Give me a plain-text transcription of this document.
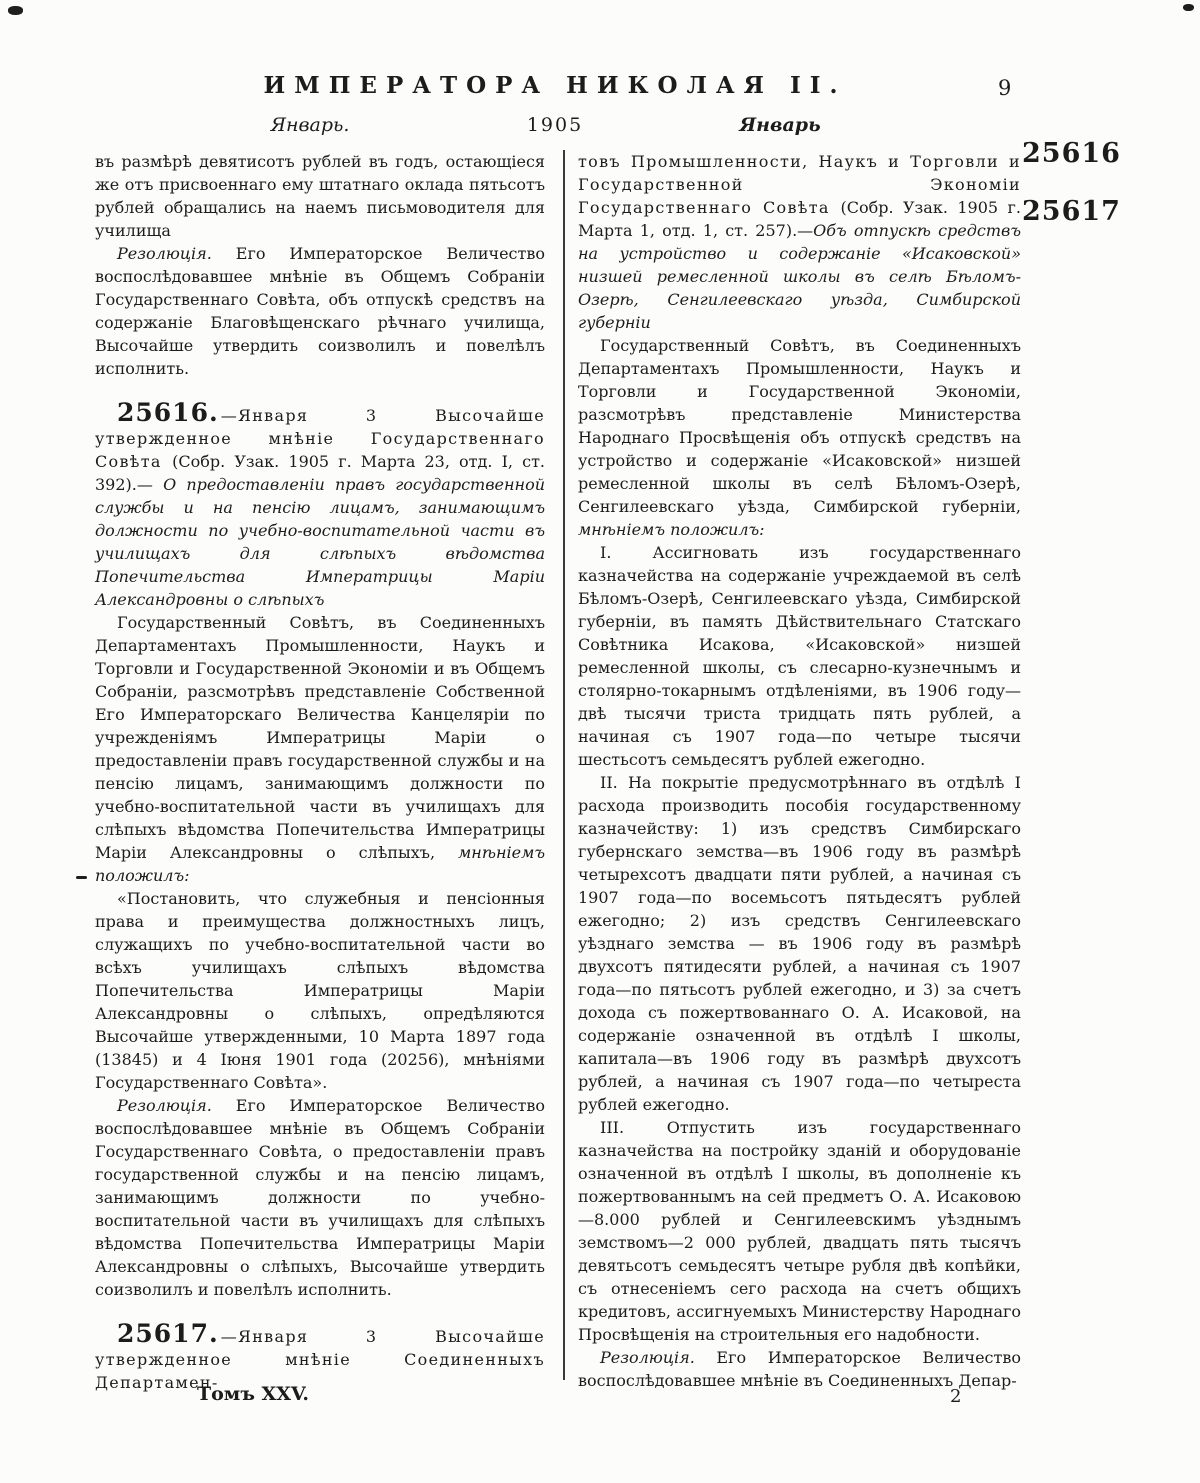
ИМПЕРАТОРА НИКОЛАЯ II.	9
Январь.	1905	Январь
25616
25617

въ размѣрѣ девятисотъ рублей въ годъ, остающіеся же отъ присвоеннаго ему штатнаго оклада пятьсотъ рублей обращались на наемъ письмоводителя для училища

Резолюція. Его Императорское Величество воспослѣдовавшее мнѣніе въ Общемъ Собраніи Государственнаго Совѣта, объ отпускѣ средствъ на содержаніе Благовѣщенскаго рѣчнаго училища, Высочайше утвердить соизволилъ и повелѣлъ исполнить.

25616. —Января 3 Высочайше утвержденное мнѣніе Государственнаго Совѣта (Собр. Узак. 1905 г. Марта 23, отд. I, ст. 392).— О предоставленіи правъ государственной службы и на пенсію лицамъ, занимающимъ должности по учебно-воспитательной части въ училищахъ для слѣпыхъ вѣдомства Попечительства Императрицы Маріи Александровны о слѣпыхъ

Государственный Совѣтъ, въ Соединенныхъ Департаментахъ Промышленности, Наукъ и Торговли и Государственной Экономіи и въ Общемъ Собраніи, разсмотрѣвъ представленіе Собственной Его Императорскаго Величества Канцеляріи по учрежденіямъ Императрицы Маріи о предоставленіи правъ государственной службы и на пенсію лицамъ, занимающимъ должности по учебно-воспитательной части въ училищахъ для слѣпыхъ вѣдомства Попечительства Императрицы Маріи Александровны о слѣпыхъ, мнѣніемъ положилъ:

«Постановить, что служебныя и пенсіонныя права и преимущества должностныхъ лицъ, служащихъ по учебно-воспитательной части во всѣхъ училищахъ слѣпыхъ вѣдомства Попечительства Императрицы Маріи Александровны о слѣпыхъ, опредѣляются Высочайше утвержденными, 10 Марта 1897 года (13845) и 4 Іюня 1901 года (20256), мнѣніями Государственнаго Совѣта».

Резолюція. Его Императорское Величество воспослѣдовавшее мнѣніе въ Общемъ Собраніи Государственнаго Совѣта, о предоставленіи правъ государственной службы и на пенсію лицамъ, занимающимъ должности по учебно-воспитательной части въ училищахъ для слѣпыхъ вѣдомства Попечительства Императрицы Маріи Александровны о слѣпыхъ, Высочайше утвердить соизволилъ и повелѣлъ исполнить.

25617. —Января 3 Высочайше утвержденное мнѣніе Соединенныхъ Департамен-

товъ Промышленности, Наукъ и Торговли и Государственной Экономіи Государственнаго Совѣта (Собр. Узак. 1905 г. Марта 1, отд. 1, ст. 257).—Объ отпускѣ средствъ на устройство и содержаніе «Исаковской» низшей ремесленной школы въ селѣ Бѣломъ-Озерѣ, Сенгилеевскаго уѣзда, Симбирской губерніи

Государственный Совѣтъ, въ Соединенныхъ Департаментахъ Промышленности, Наукъ и Торговли и Государственной Экономіи, разсмотрѣвъ представленіе Министерства Народнаго Просвѣщенія объ отпускѣ средствъ на устройство и содержаніе «Исаковской» низшей ремесленной школы въ селѣ Бѣломъ-Озерѣ, Сенгилеевскаго уѣзда, Симбирской губерніи, мнѣніемъ положилъ:

I. Ассигновать изъ государственнаго казначейства на содержаніе учреждаемой въ селѣ Бѣломъ-Озерѣ, Сенгилеевскаго уѣзда, Симбирской губерніи, въ память Дѣйствительнаго Статскаго Совѣтника Исакова, «Исаковской» низшей ремесленной школы, съ слесарно-кузнечнымъ и столярно-токарнымъ отдѣленіями, въ 1906 году—двѣ тысячи триста тридцать пять рублей, а начиная съ 1907 года—по четыре тысячи шестьсотъ семьдесятъ рублей ежегодно.

II. На покрытіе предусмотрѣннаго въ отдѣлѣ I расхода производить пособія государственному казначейству: 1) изъ средствъ Симбирскаго губернскаго земства—въ 1906 году въ размѣрѣ четырехсотъ двадцати пяти рублей, а начиная съ 1907 года—по восемьсотъ пятьдесятъ рублей ежегодно; 2) изъ средствъ Сенгилеевскаго уѣзднаго земства — въ 1906 году въ размѣрѣ двухсотъ пятидесяти рублей, а начиная съ 1907 года—по пятьсотъ рублей ежегодно, и 3) за счетъ дохода съ пожертвованнаго О. А. Исаковой, на содержаніе означенной въ отдѣлѣ I школы, капитала—въ 1906 году въ размѣрѣ двухсотъ рублей, а начиная съ 1907 года—по четыреста рублей ежегодно.

III. Отпустить изъ государственнаго казначейства на постройку зданій и оборудованіе означенной въ отдѣлѣ I школы, въ дополненіе къ пожертвованнымъ на сей предметъ О. А. Исаковою—8.000 рублей и Сенгилеевскимъ уѣзднымъ земствомъ—2 000 рублей, двадцать пять тысячъ девятьсотъ семьдесятъ четыре рубля двѣ копѣйки, съ отнесеніемъ сего расхода на счетъ общихъ кредитовъ, ассигнуемыхъ Министерству Народнаго Просвѣщенія на строительныя его надобности.

Резолюція. Его Императорское Величество воспослѣдовавшее мнѣніе въ Соединенныхъ Депар-

Томъ XXV.	2
